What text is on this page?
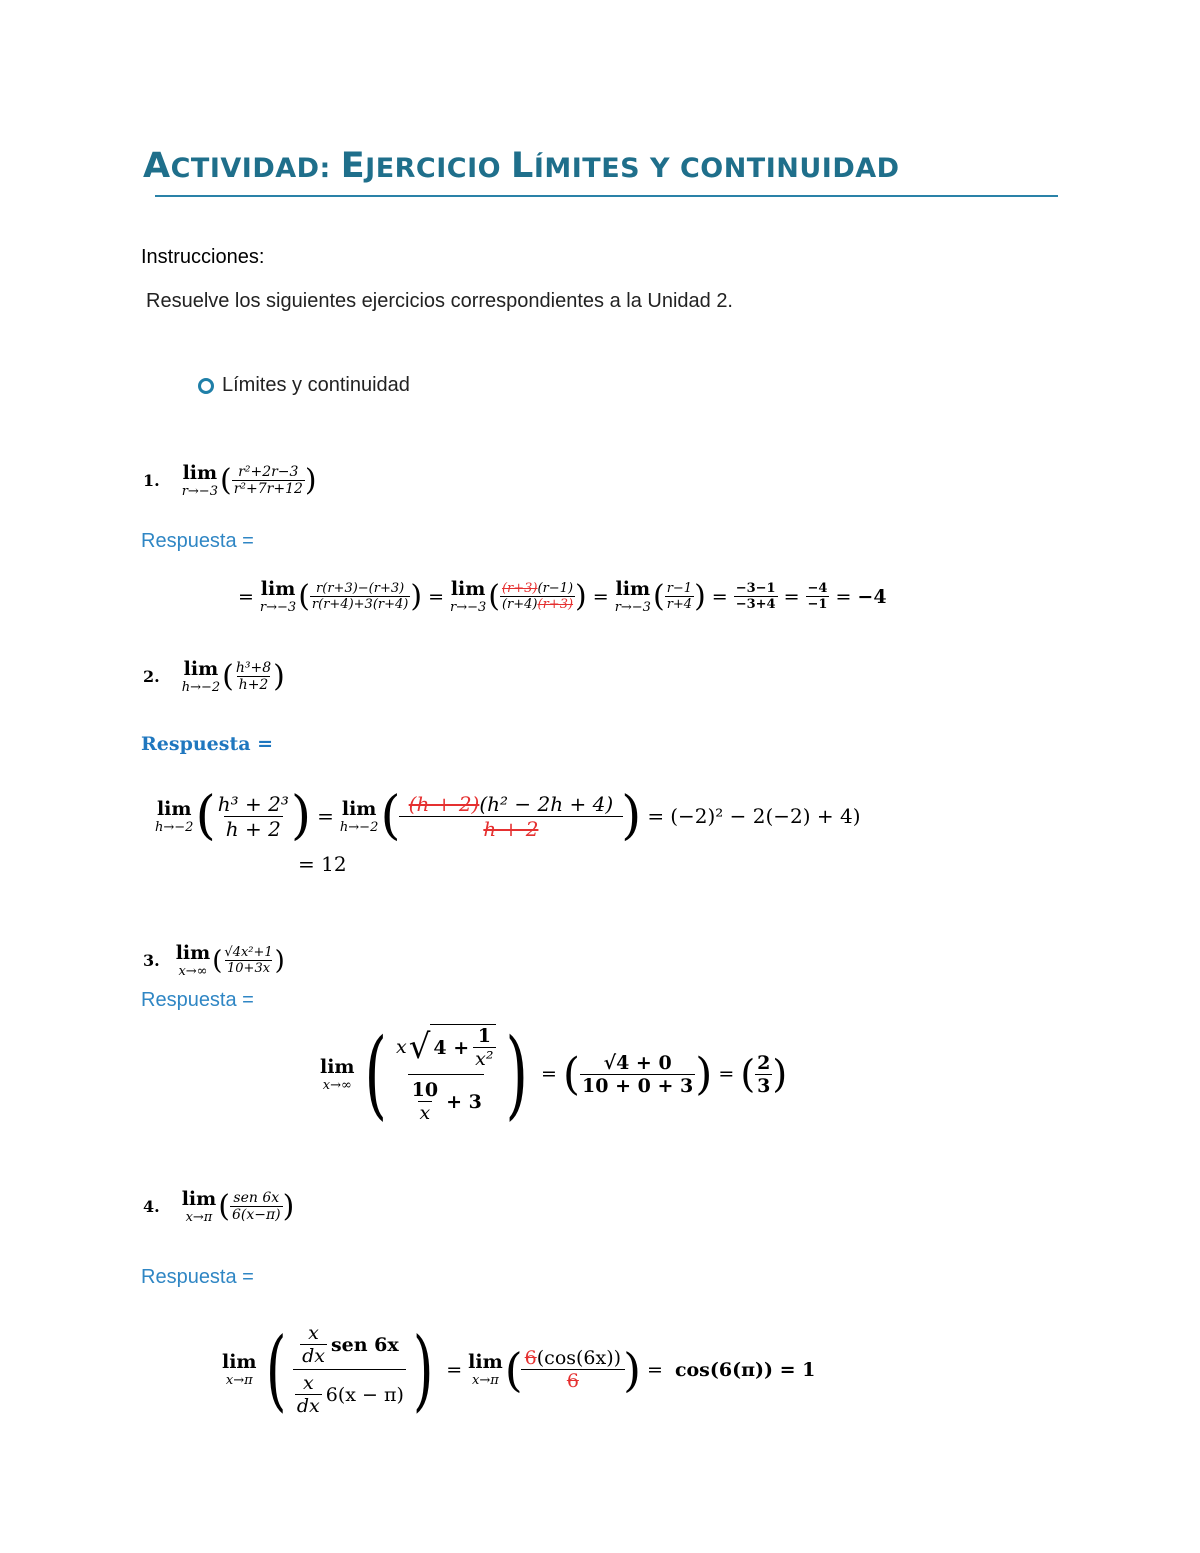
ACTIVIDAD: EJERCICIO LÍMITES Y CONTINUIDAD
Instrucciones:
Resuelve los siguientes ejercicios correspondientes a la Unidad 2.
Límites y continuidad
1. lim
r→−3 ( $\frac{\text{r²+2r−3}}{\text{r²+7r+12}}$ )
Respuesta =
= lim
r→−3 ( $\frac{r(r+3)-(r+3)}{r(r+4)+3(r+4)}$ ) = lim
r→−3 ( $\frac{(r+3)(r-1)}{(r+4)(r+3)}$ ) = lim
r→−3 ( $\frac{r-1}{r+4}$ ) = $\frac{-3-1}{-3+4} = \frac{-4}{-1} = -4$
2. lim
h→−2 ( $\frac{\text{h³+8}}{h+2}$ )
Respuesta =
lim
h→−2 ( $\frac{\text{h³ + 2³}}{h + 2}$ ) = lim
h→−2 ( $\frac{\text{(h + 2)(h² − 2h + 4)}}{h + 2}$ ) = (−2)² − 2(−2) + 4)
= 12
3. lim
x→∞ ( $\frac{\text{√4x²+1}}{10+3x}$ )
Respuesta =
lim
x→∞ ( $\frac{x √ 4 + \frac{1}{\text{x²}}}{\frac{10}{x} + 3}$ ) = ( $\frac{√4 + 0}{10 + 0 + 3}$ ) = ( $\frac{2}{3}$ )
4. lim
x→π ( $\frac{\text{sen 6x}}{6(x-\pi)}$ )
Respuesta =
lim
x→π ( $\frac{\frac{x}{dx} sen 6x}{\frac{x}{dx} 6(x - \pi)}$ ) = lim
x→π ( $\frac{6(\cos(6x))}{6}$ ) = cos(6(π)) = 1
